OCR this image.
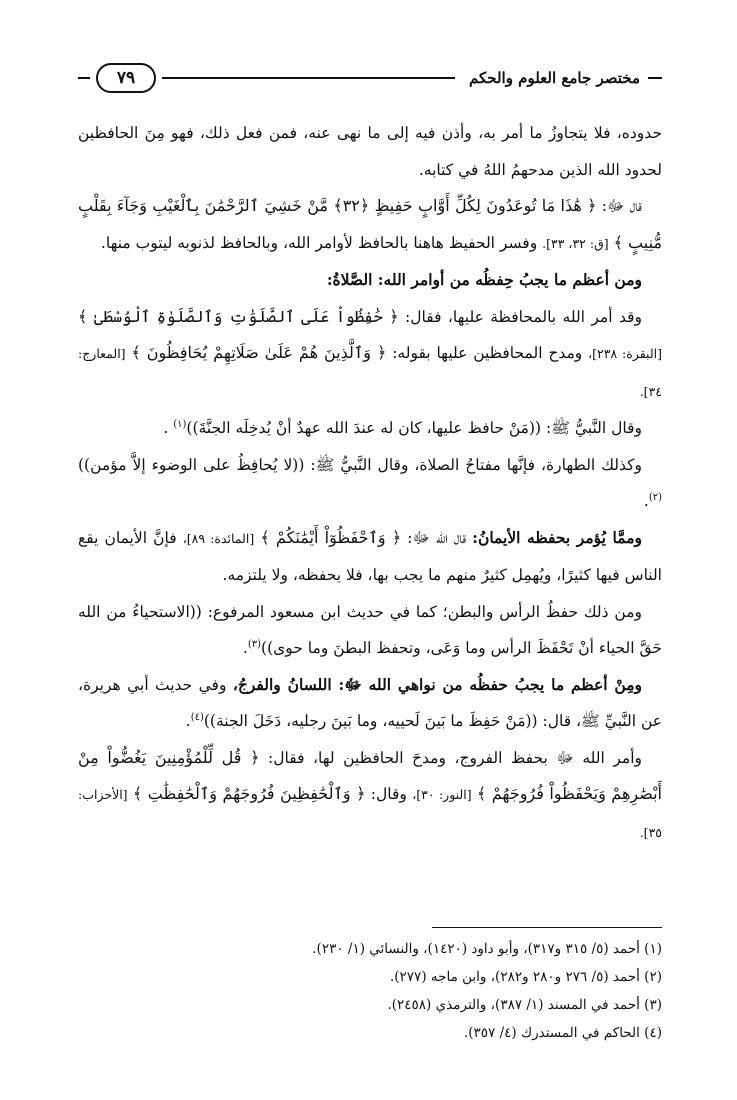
مختصر جامع العلوم والحكم
٧٩

حدوده، فلا يتجاوزُ ما أمر به، وأذن فيه إلى ما نهى عنه، فمن فعل ذلك، فهو مِنَ الحافظين لحدود الله الذين مدحهمُ اللهُ في كتابه.

قال ﷻ: ﴿ هَٰذَا مَا تُوعَدُونَ لِكُلِّ أَوَّابٍ حَفِيظٍ ﴿٣٢﴾ مَّنْ خَشِيَ ٱلرَّحْمَٰنَ بِٱلْغَيْبِ وَجَآءَ بِقَلْبٍ مُّنِيبٍ ﴾ [ق: ٣٢، ٣٣]. وفسر الحفيظ هاهنا بالحافظ لأوامر الله، وبالحافظ لذنوبه ليتوب منها.

ومن أعظم ما يجبُ حِفظُه من أوامر الله: الصَّلاةُ:

وقد أمر الله بالمحافظة عليها، فقال: ﴿ حَٰفِظُواْ عَلَى ٱلصَّلَوَٰتِ وَٱلصَّلَوٰةِ ٱلْوُسْطَىٰ ﴾ [البقرة: ٢٣٨]، ومدح المحافظين عليها بقوله: ﴿ وَٱلَّذِينَ هُمْ عَلَىٰ صَلَاتِهِمْ يُحَافِظُونَ ﴾ [المعارج: ٣٤].

وقال النَّبيُّ ﷺ: ((مَنْ حافظ عليها، كان له عندَ الله عهدٌ أنْ يُدخِلَه الجنَّةَ))$^{(١)}$ .

وكذلك الطهارة، فإنَّها مفتاحُ الصلاة، وقال النَّبيُّ ﷺ: ((لا يُحافِظُ على الوضوء إلاَّ مؤمن))$^{(٢)}$.

وممَّا يُؤمر بحفظه الأيمانُ: قال الله ﷻ: ﴿ وَٱحْفَظُوٓاْ أَيْمَٰنَكُمْ ﴾ [المائدة: ٨٩]، فإنَّ الأيمان يقع الناس فيها كثيرًا، ويُهمِل كثيرٌ منهم ما يجب بها، فلا يحفظه، ولا يلتزمه.

ومن ذلك حفظُ الرأس والبطن؛ كما في حديث ابن مسعود المرفوع: ((الاستحياءُ من الله حَقَّ الحياء أنْ تَحْفَظَ الرأس وما وَعَى، وتحفظ البطنَ وما حوى))$^{(٣)}$.

ومِنْ أعظم ما يجبُ حفظُه من نواهي الله ﷻ: اللسانُ والفرجُ، وفي حديث أبي هريرة، عن النَّبيِّ ﷺ، قال: ((مَنْ حَفِظَ ما بَينَ لَحييه، وما بَينَ رجليه، دَخَلَ الجنة))$^{(٤)}$.

وأمر الله ﷻ بحفظ الفروج، ومدحَ الحافظين لها، فقال: ﴿ قُل لِّلْمُؤْمِنِينَ يَغُضُّواْ مِنْ أَبْصَٰرِهِمْ وَيَحْفَظُواْ فُرُوجَهُمْ ﴾ [النور: ٣٠]، وقال: ﴿ وَٱلْحَٰفِظِينَ فُرُوجَهُمْ وَٱلْحَٰفِظَٰتِ ﴾ [الأحزاب: ٣٥].

(١) أحمد (٥/ ٣١٥ و٣١٧)، وأبو داود (١٤٢٠)، والنسائي (١/ ٢٣٠).

(٢) أحمد (٥/ ٢٧٦ و٢٨٠ و٢٨٢)، وابن ماجه (٢٧٧).

(٣) أحمد في المسند (١/ ٣٨٧)، والترمذي (٢٤٥٨).

(٤) الحاكم في المستدرك (٤/ ٣٥٧).
